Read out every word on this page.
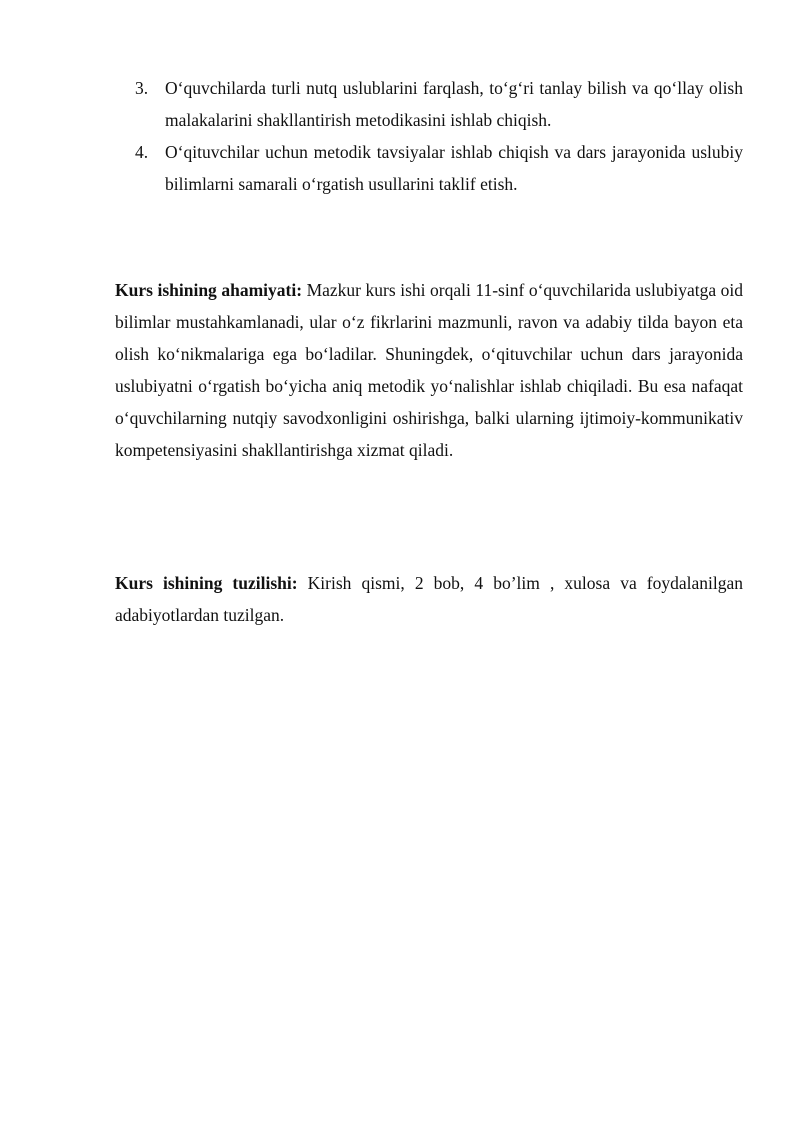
3. O‘quvchilarda turli nutq uslublarini farqlash, to‘g‘ri tanlay bilish va qo‘llay olish malakalarini shakllantirish metodikasini ishlab chiqish.
4. O‘qituvchilar uchun metodik tavsiyalar ishlab chiqish va dars jarayonida uslubiy bilimlarni samarali o‘rgatish usullarini taklif etish.

Kurs ishining ahamiyati: Mazkur kurs ishi orqali 11-sinf o‘quvchilarida uslubiyatga oid bilimlar mustahkamlanadi, ular o‘z fikrlarini mazmunli, ravon va adabiy tilda bayon eta olish ko‘nikmalariga ega bo‘ladilar. Shuningdek, o‘qituvchilar uchun dars jarayonida uslubiyatni o‘rgatish bo‘yicha aniq metodik yo‘nalishlar ishlab chiqiladi. Bu esa nafaqat o‘quvchilarning nutqiy savodxonligini oshirishga, balki ularning ijtimoiy-kommunikativ kompetensiyasini shakllantirishga xizmat qiladi.

Kurs ishining tuzilishi: Kirish qismi, 2 bob, 4 bo’lim , xulosa va foydalanilgan adabiyotlardan tuzilgan.
